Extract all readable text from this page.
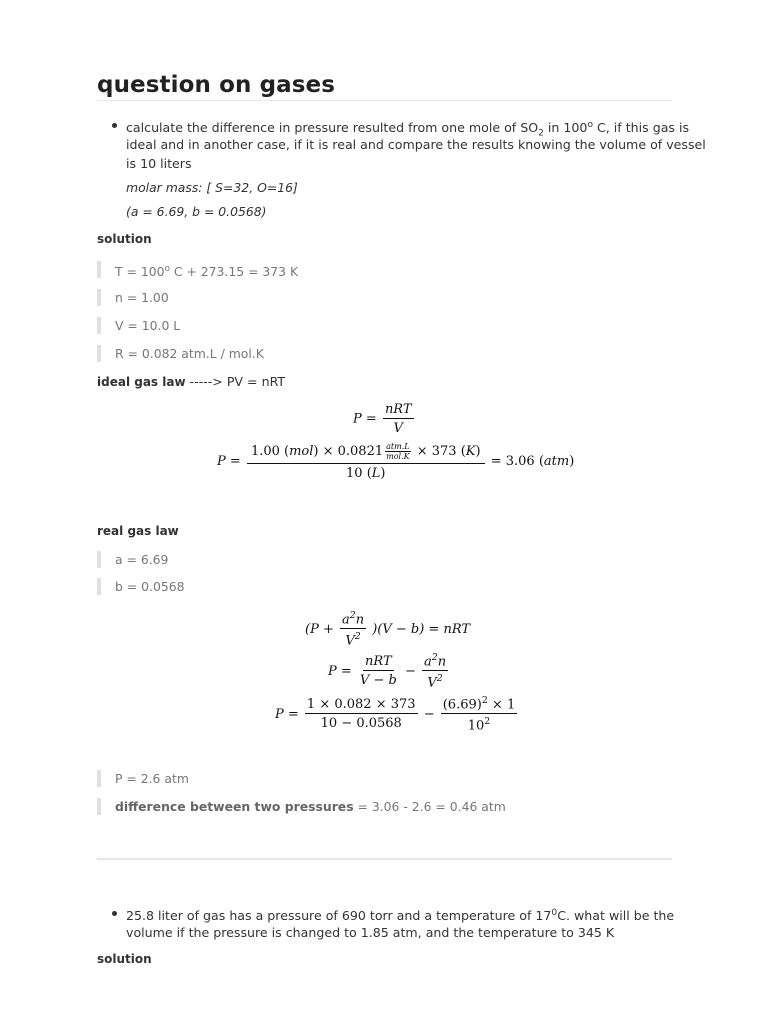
question on gases
calculate the difference in pressure resulted from one mole of $SO_2$ in 100$^o$ C, if this gas is
ideal and in another case, if it is real and compare the results knowing the volume of vessel
is 10 liters
molar mass: [ S=32, O=16]
(a = 6.69, b = 0.0568)
solution
$T = 100^o$ C + 273.15 = 373 K
n = 1.00
V = 10.0 L
R = 0.082 atm.L / mol.K
ideal gas law -----> PV = nRT
$P = \frac{\text{nRT}}{V}$
$P = \frac{1.00 (mol) \times 0.0821 \frac{\text{atm.L}}{\text{mol.K}} \times 373 (K)}{10 (L)} = 3.06$ (atm)
real gas law
a = 6.69
b = 0.0568
$(P + \frac{a^2n}{V^2} )(V - b)$ = nRT
$P = \frac{\text{nRT}}{V - b} - \frac{a^2n}{V^2}$
$P = \frac{1 \times 0.082 \times 373}{10 - 0.0568} - \frac{(6.69)^2 \times 1}{10^2}$
P = 2.6 atm
difference between two pressures = 3.06 - 2.6 = 0.46 atm
25.8 liter of gas has a pressure of 690 torr and a temperature of $17^0C$. what will be the
volume if the pressure is changed to 1.85 atm, and the temperature to 345 K
solution
